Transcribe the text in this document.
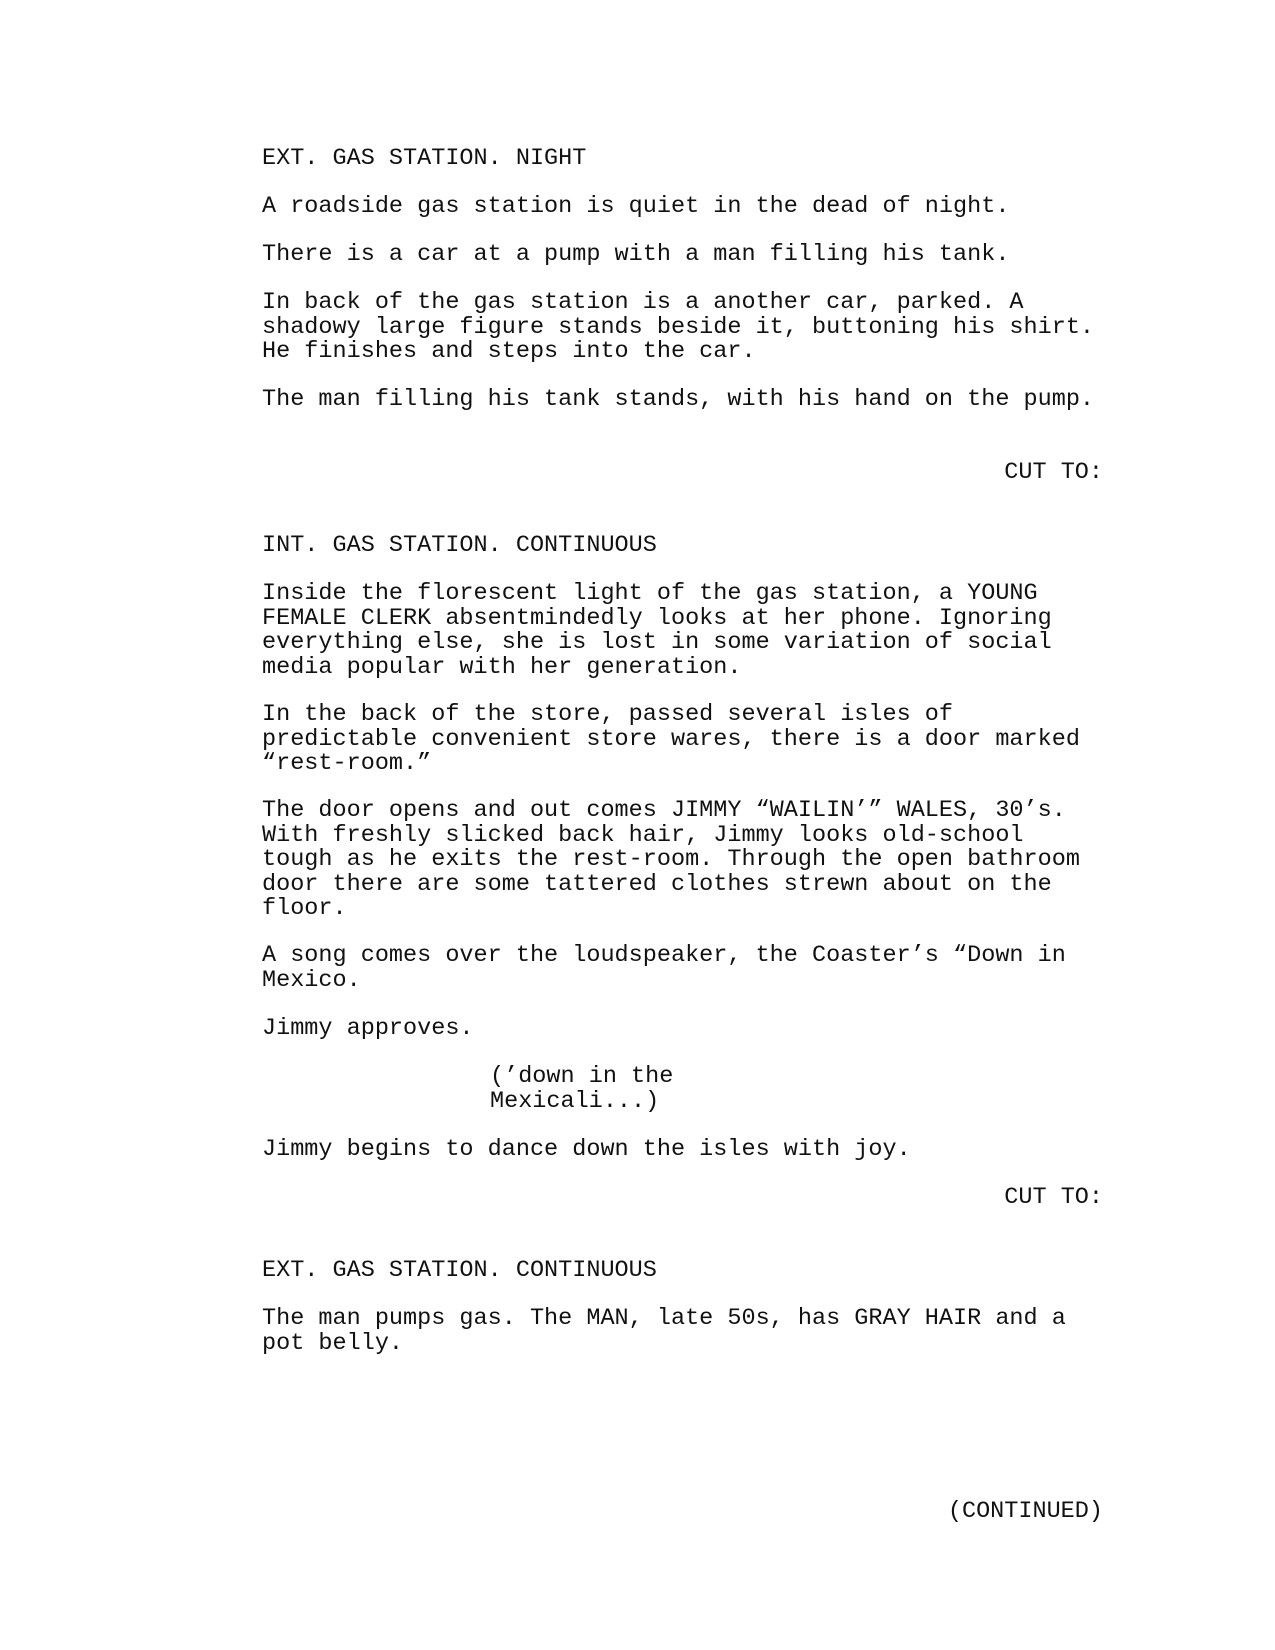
EXT. GAS STATION. NIGHT
A roadside gas station is quiet in the dead of night.
There is a car at a pump with a man filling his tank.
In back of the gas station is a another car, parked. A shadowy large figure stands beside it, buttoning his shirt. He finishes and steps into the car.
The man filling his tank stands, with his hand on the pump.
CUT TO:
INT. GAS STATION. CONTINUOUS
Inside the florescent light of the gas station, a YOUNG FEMALE CLERK absentmindedly looks at her phone. Ignoring everything else, she is lost in some variation of social media popular with her generation.
In the back of the store, passed several isles of predictable convenient store wares, there is a door marked “rest-room.”
The door opens and out comes JIMMY “WAILIN’” WALES, 30’s. With freshly slicked back hair, Jimmy looks old-school tough as he exits the rest-room. Through the open bathroom door there are some tattered clothes strewn about on the floor.
A song comes over the loudspeaker, the Coaster’s “Down in Mexico.
Jimmy approves.
(’down in the Mexicali...)
Jimmy begins to dance down the isles with joy.
CUT TO:
EXT. GAS STATION. CONTINUOUS
The man pumps gas. The MAN, late 50s, has GRAY HAIR and a pot belly.
(CONTINUED)
